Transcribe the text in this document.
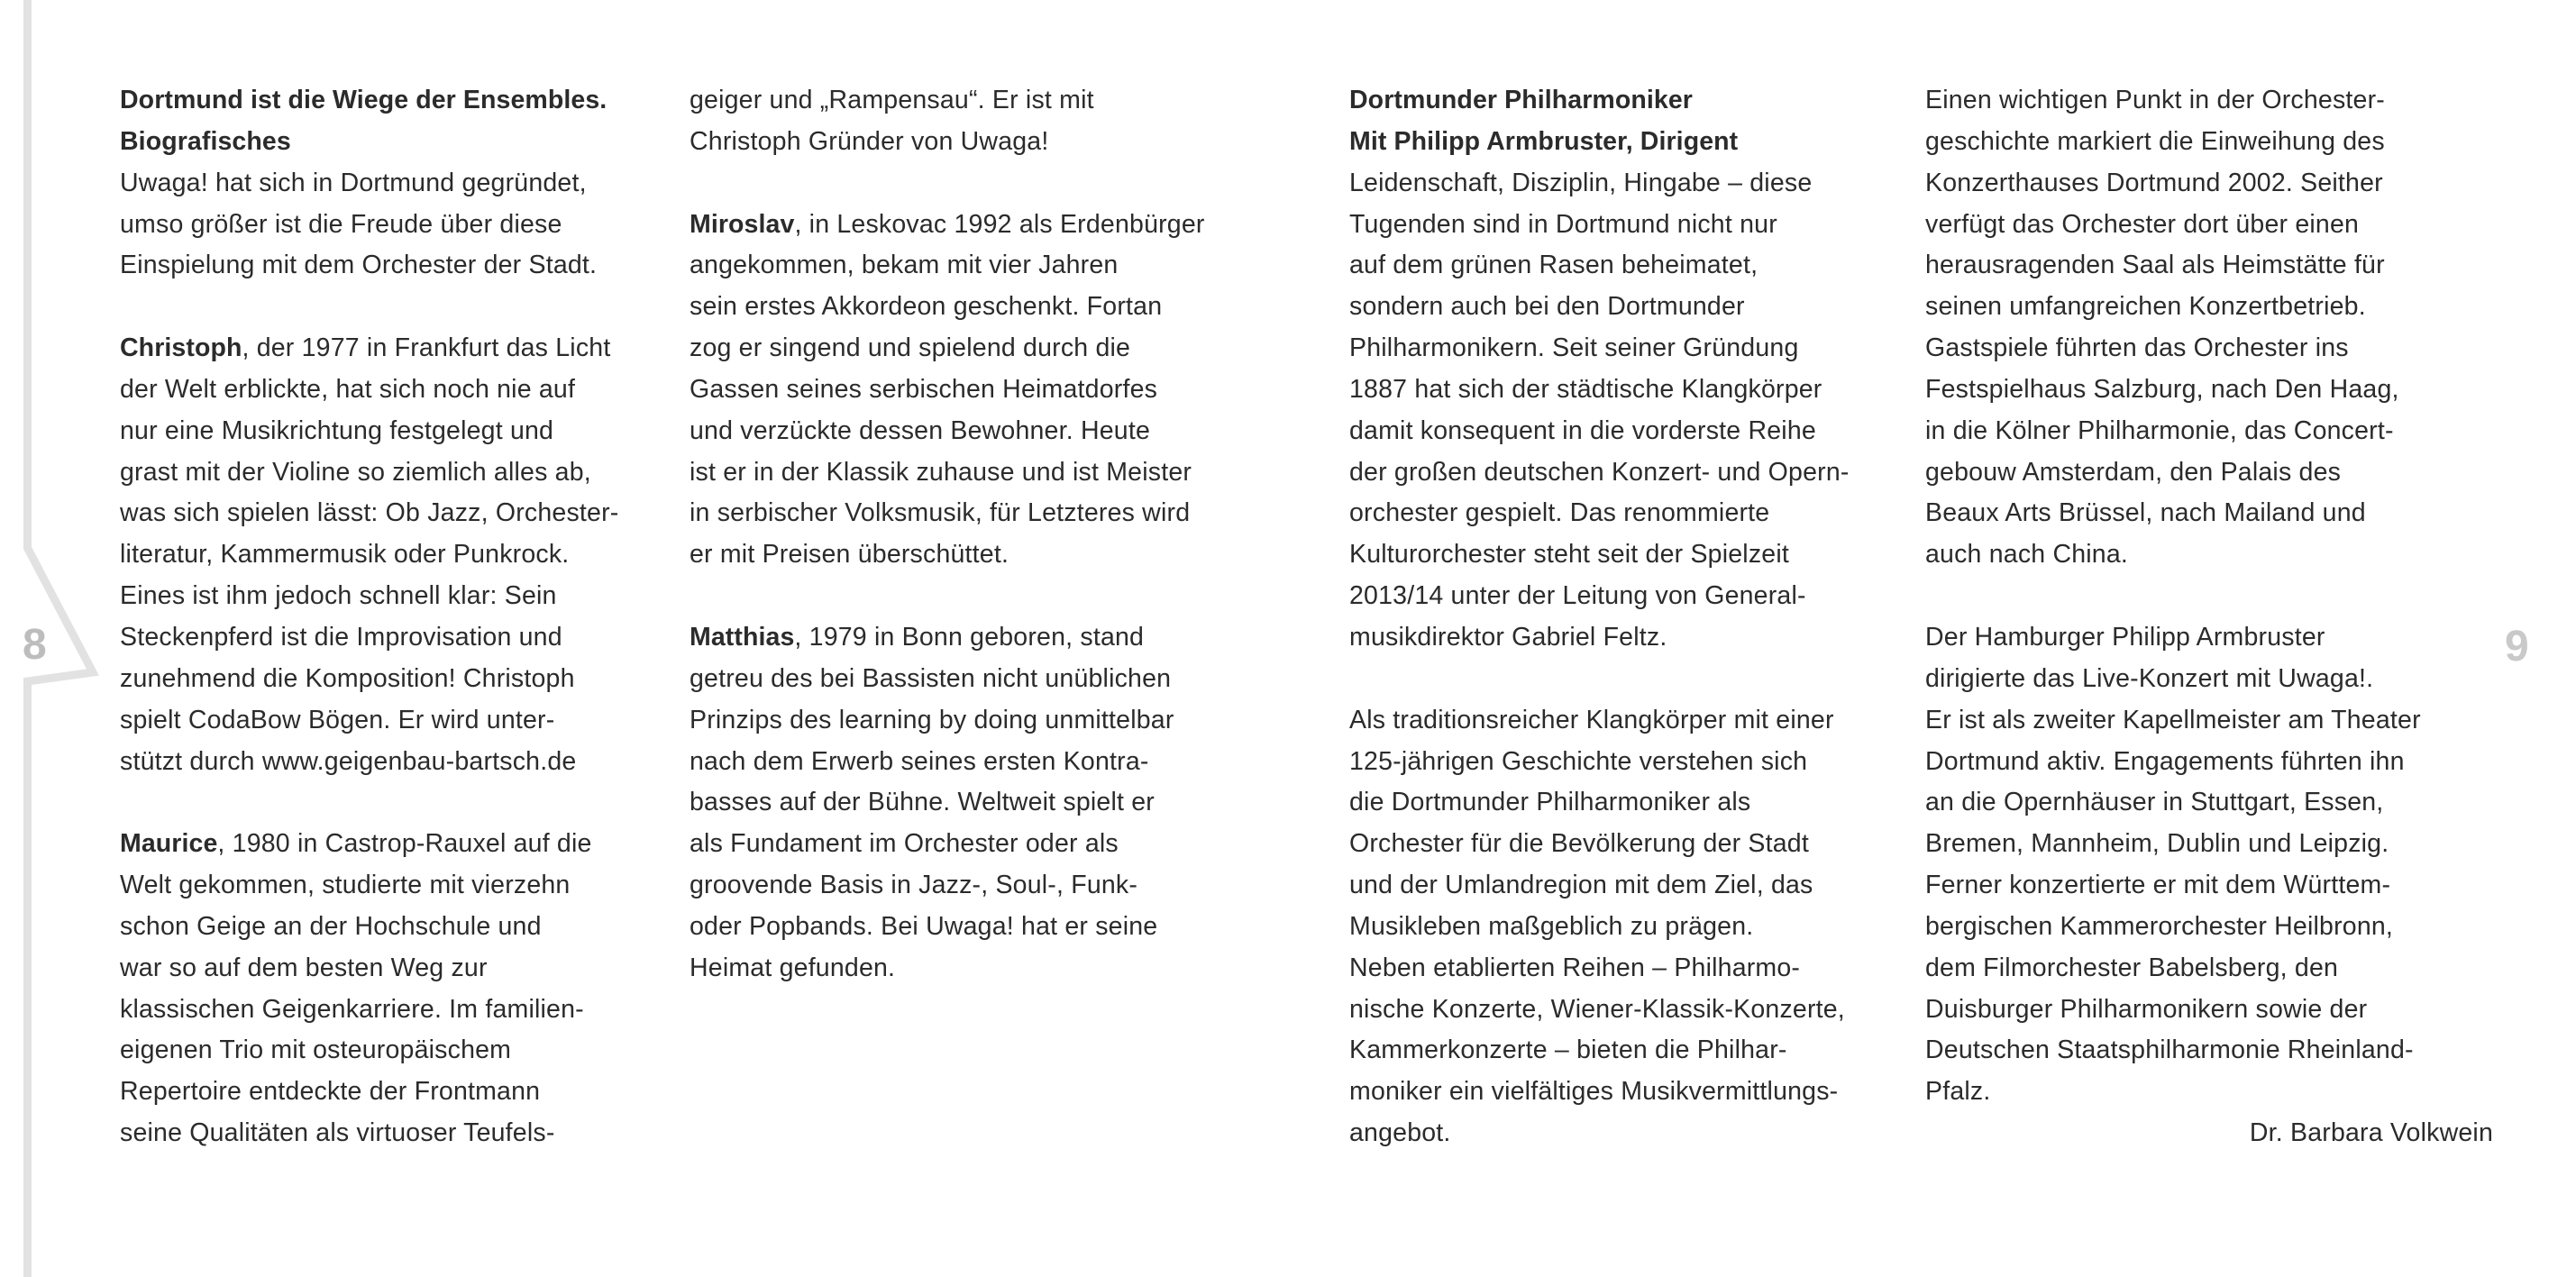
8	9

Dortmund ist die Wiege der Ensembles.

Biografisches

Uwaga! hat sich in Dortmund gegründet,

umso größer ist die Freude über diese

Einspielung mit dem Orchester der Stadt.

Christoph, der 1977 in Frankfurt das Licht

der Welt erblickte, hat sich noch nie auf

nur eine Musikrichtung festgelegt und

grast mit der Violine so ziemlich alles ab,

was sich spielen lässt: Ob Jazz, Orchester-

literatur, Kammermusik oder Punkrock.

Eines ist ihm jedoch schnell klar: Sein

Steckenpferd ist die Improvisation und

zunehmend die Komposition! Christoph

spielt CodaBow Bögen. Er wird unter-

stützt durch www.geigenbau-bartsch.de

Maurice, 1980 in Castrop-Rauxel auf die

Welt gekommen, studierte mit vierzehn

schon Geige an der Hochschule und

war so auf dem besten Weg zur

klassischen Geigenkarriere. Im familien-

eigenen Trio mit osteuropäischem

Repertoire entdeckte der Frontmann

seine Qualitäten als virtuoser Teufels-

geiger und „Rampensau“. Er ist mit

Christoph Gründer von Uwaga!

Miroslav, in Leskovac 1992 als Erdenbürger

angekommen, bekam mit vier Jahren

sein erstes Akkordeon geschenkt. Fortan

zog er singend und spielend durch die

Gassen seines serbischen Heimatdorfes

und verzückte dessen Bewohner. Heute

ist er in der Klassik zuhause und ist Meister

in serbischer Volksmusik, für Letzteres wird

er mit Preisen überschüttet.

Matthias, 1979 in Bonn geboren, stand

getreu des bei Bassisten nicht unüblichen

Prinzips des learning by doing unmittelbar

nach dem Erwerb seines ersten Kontra-

basses auf der Bühne. Weltweit spielt er

als Fundament im Orchester oder als

groovende Basis in Jazz-, Soul-, Funk-

oder Popbands. Bei Uwaga! hat er seine

Heimat gefunden.

Dortmunder Philharmoniker

Mit Philipp Armbruster, Dirigent

Leidenschaft, Disziplin, Hingabe – diese

Tugenden sind in Dortmund nicht nur

auf dem grünen Rasen beheimatet,

sondern auch bei den Dortmunder

Philharmonikern. Seit seiner Gründung

1887 hat sich der städtische Klangkörper

damit konsequent in die vorderste Reihe

der großen deutschen Konzert- und Opern-

orchester gespielt. Das renommierte

Kulturorchester steht seit der Spielzeit

2013/14 unter der Leitung von General-

musikdirektor Gabriel Feltz.

Als traditionsreicher Klangkörper mit einer

125-jährigen Geschichte verstehen sich

die Dortmunder Philharmoniker als

Orchester für die Bevölkerung der Stadt

und der Umlandregion mit dem Ziel, das

Musikleben maßgeblich zu prägen.

Neben etablierten Reihen – Philharmo-

nische Konzerte, Wiener-Klassik-Konzerte,

Kammerkonzerte – bieten die Philhar-

moniker ein vielfältiges Musikvermittlungs-

angebot.

Einen wichtigen Punkt in der Orchester-

geschichte markiert die Einweihung des

Konzerthauses Dortmund 2002. Seither

verfügt das Orchester dort über einen

herausragenden Saal als Heimstätte für

seinen umfangreichen Konzertbetrieb.

Gastspiele führten das Orchester ins

Festspielhaus Salzburg, nach Den Haag,

in die Kölner Philharmonie, das Concert-

gebouw Amsterdam, den Palais des

Beaux Arts Brüssel, nach Mailand und

auch nach China.

Der Hamburger Philipp Armbruster

dirigierte das Live-Konzert mit Uwaga!.

Er ist als zweiter Kapellmeister am Theater

Dortmund aktiv. Engagements führten ihn

an die Opernhäuser in Stuttgart, Essen,

Bremen, Mannheim, Dublin und Leipzig.

Ferner konzertierte er mit dem Württem-

bergischen Kammerorchester Heilbronn,

dem Filmorchester Babelsberg, den

Duisburger Philharmonikern sowie der

Deutschen Staatsphilharmonie Rheinland-

Pfalz.

Dr. Barbara Volkwein
